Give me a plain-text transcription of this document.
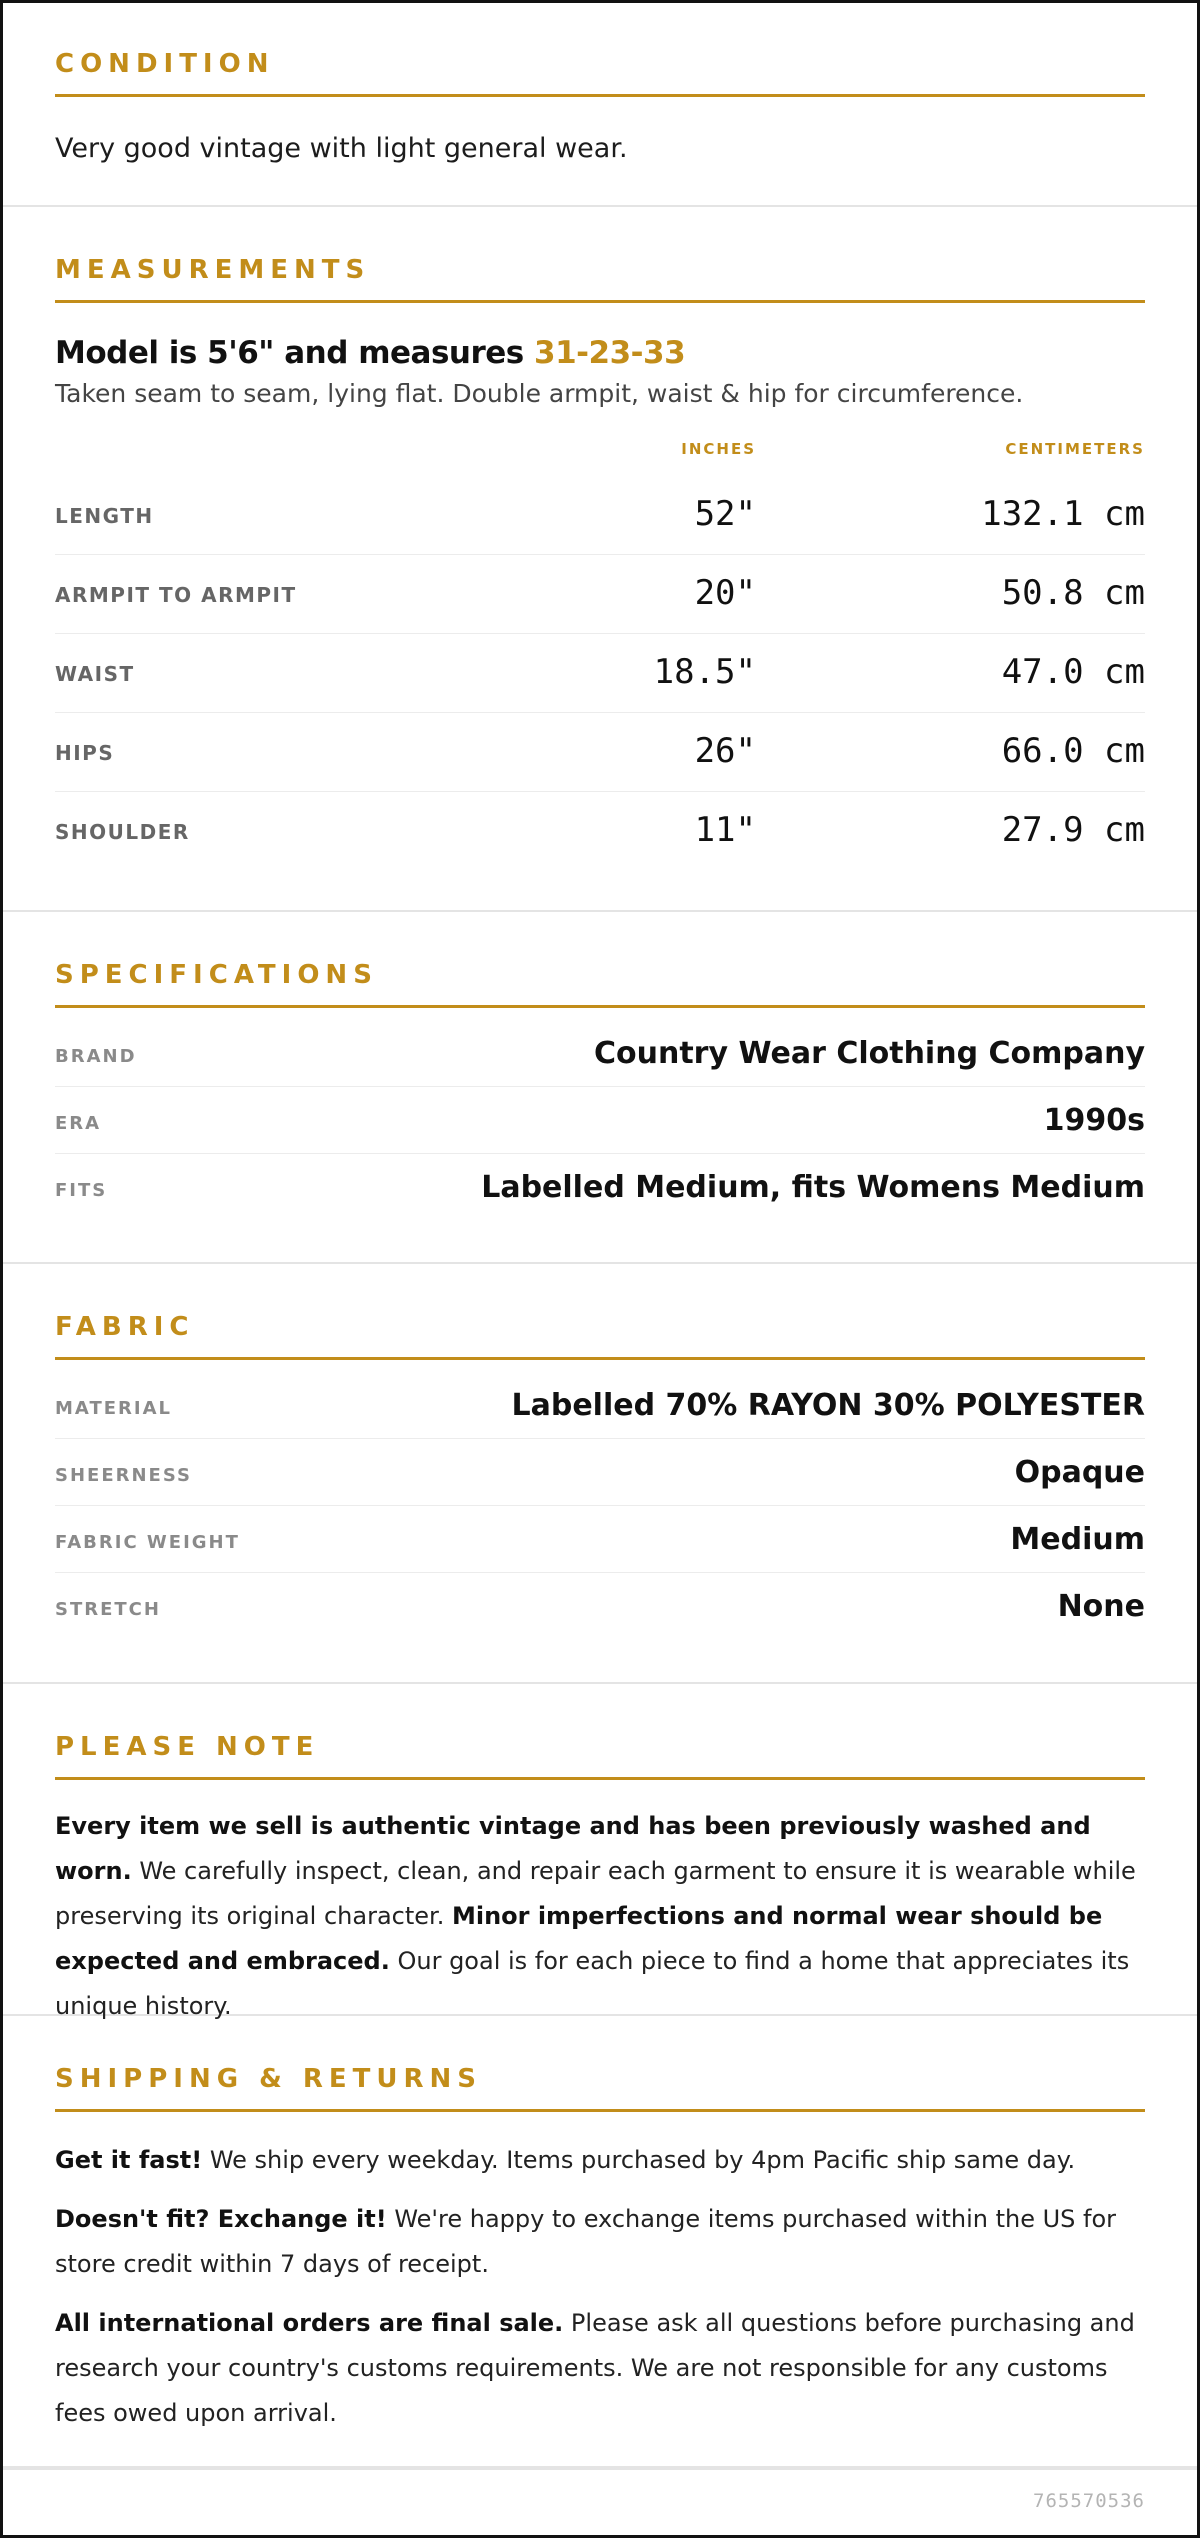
CONDITION
Very good vintage with light general wear.
MEASUREMENTS
Model is 5'6" and measures 31-23-33
Taken seam to seam, lying flat. Double armpit, waist & hip for circumference.
INCHES	CENTIMETERS
LENGTH	52"	132.1 cm
ARMPIT TO ARMPIT	20"	50.8 cm
WAIST	18.5"	47.0 cm
HIPS	26"	66.0 cm
SHOULDER	11"	27.9 cm
SPECIFICATIONS
BRAND	Country Wear Clothing Company
ERA	1990s
FITS	Labelled Medium, fits Womens Medium
FABRIC
MATERIAL	Labelled 70% RAYON 30% POLYESTER
SHEERNESS	Opaque
FABRIC WEIGHT	Medium
STRETCH	None
PLEASE NOTE

Every item we sell is authentic vintage and has been previously washed and worn. We carefully inspect, clean, and repair each garment to ensure it is wearable while preserving its original character. Minor imperfections and normal wear should be expected and embraced. Our goal is for each piece to find a home that appreciates its unique history.

SHIPPING & RETURNS

Get it fast! We ship every weekday. Items purchased by 4pm Pacific ship same day.

Doesn't fit? Exchange it! We're happy to exchange items purchased within the US for store credit within 7 days of receipt.

All international orders are final sale. Please ask all questions before purchasing and research your country's customs requirements. We are not responsible for any customs fees owed upon arrival.

765570536
